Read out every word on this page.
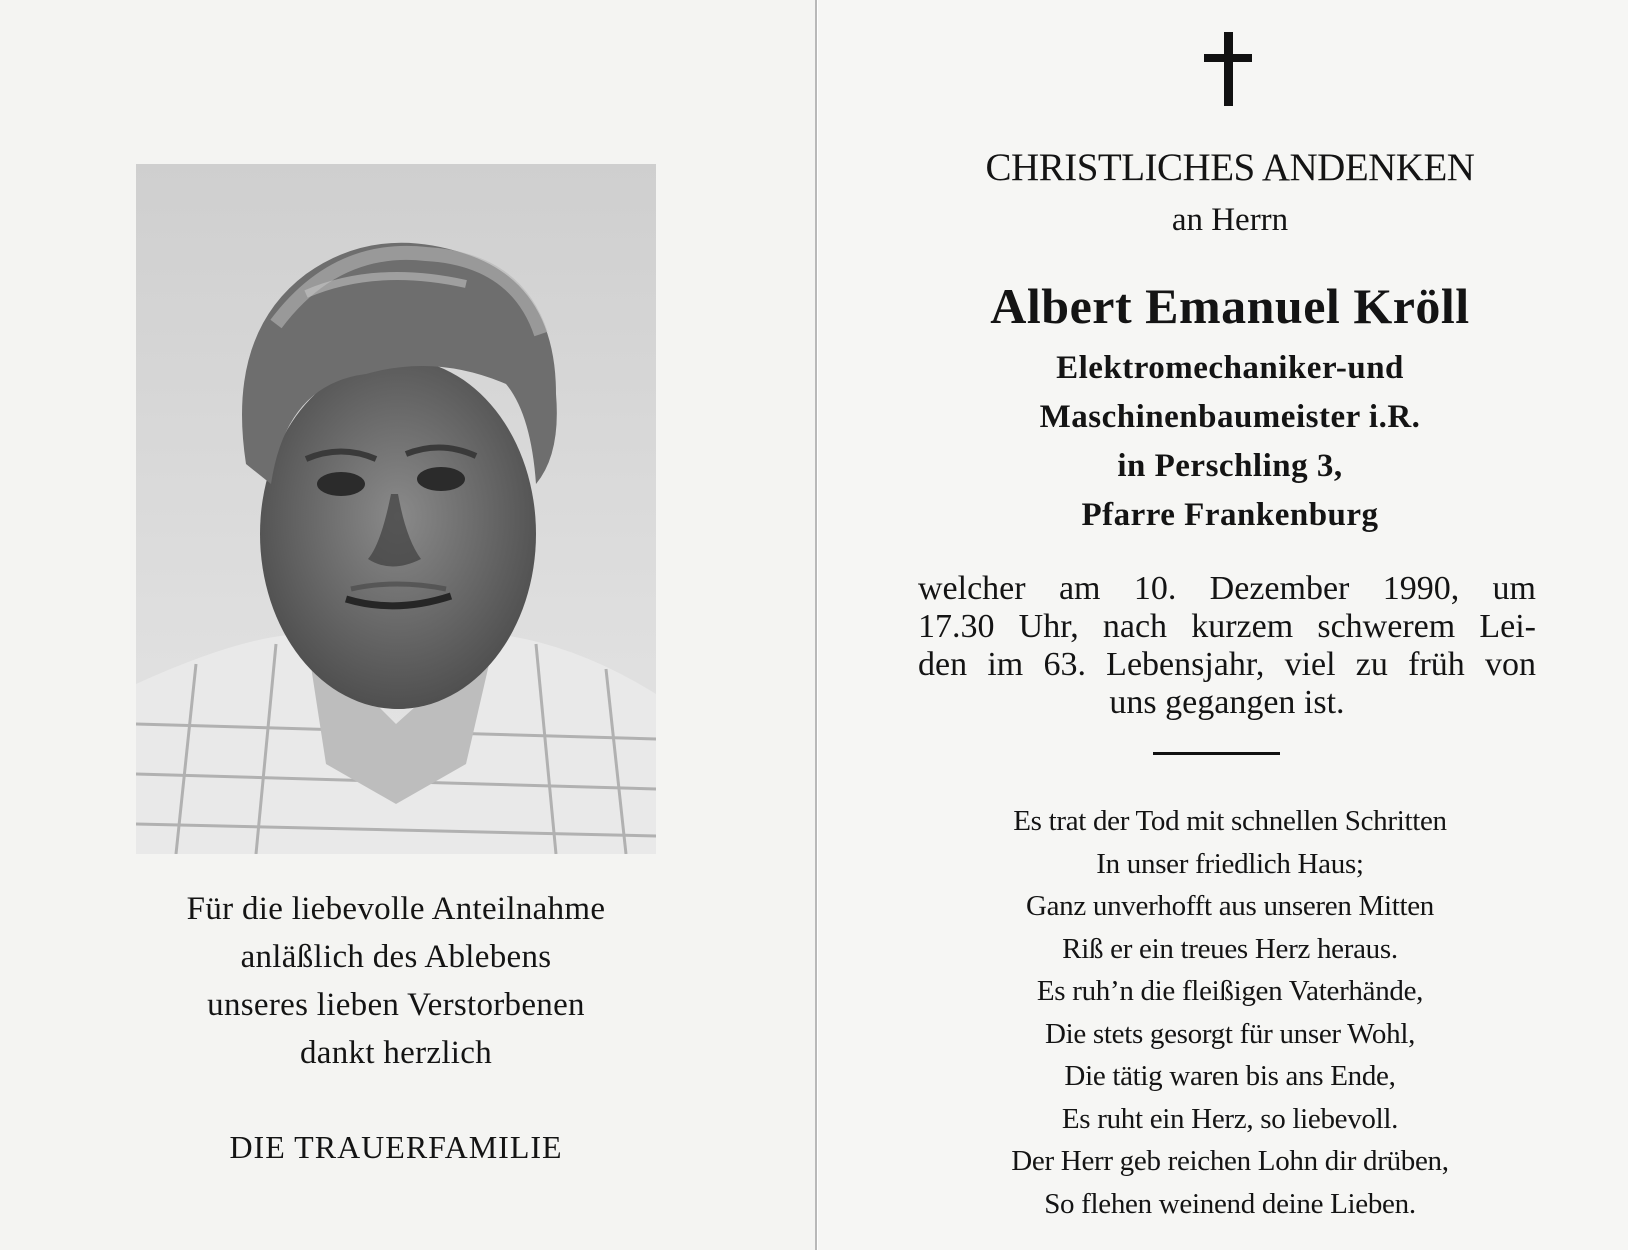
Für die liebevolle Anteilnahme
anläßlich des Ablebens
unseres lieben Verstorbenen
dankt herzlich
DIE TRAUERFAMILIE
CHRISTLICHES ANDENKEN
an Herrn
Albert Emanuel Kröll
Elektromechaniker-und
Maschinenbaumeister i.R.
in Perschling 3,
Pfarre Frankenburg
welcher am 10. Dezember 1990, um
17.30 Uhr, nach kurzem schwerem Lei-
den im 63. Lebensjahr, viel zu früh von
uns gegangen ist.
Es trat der Tod mit schnellen Schritten
In unser friedlich Haus;
Ganz unverhofft aus unseren Mitten
Riß er ein treues Herz heraus.
Es ruh’n die fleißigen Vaterhände,
Die stets gesorgt für unser Wohl,
Die tätig waren bis ans Ende,
Es ruht ein Herz, so liebevoll.
Der Herr geb reichen Lohn dir drüben,
So flehen weinend deine Lieben.
